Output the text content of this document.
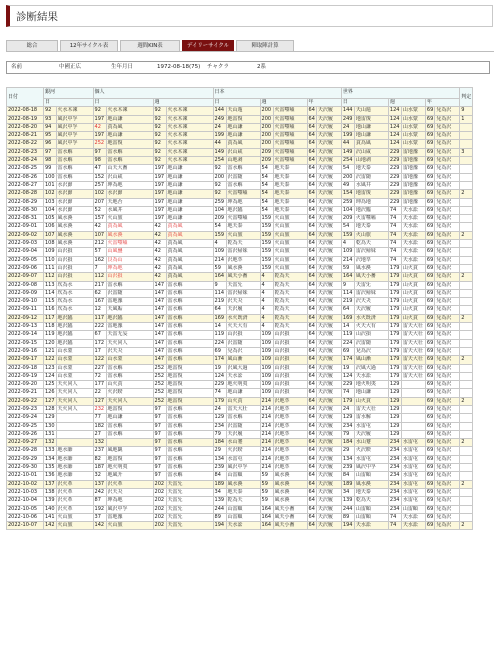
診断結果
総合	12年サイクル表	週間KIN表	デイリーサイクル	陣取陣計算
名前	中國正広	生年月日	1972-08-18(75) チャクラ	2系
日付	銀河		個人				日本						世界						判定
	日		日		週		日		週		年		日		週		年		
2022-08-18	92	火水木凍	92	火水木凍	92	火水木凍	144	天山遁	200	火雷噬嗑	64	天沢履	144	天山遁	124	山水蒙	69	兌為沢	9
2022-08-19	93	風沢中孚	197	地山謙	92	火水木凍	249	地雷復	200	火雷噬嗑	64	天沢履	249	地雷復	124	山水蒙	69	兌為沢	1
2022-08-20	94	風沢中孚	42	賁為風	92	火水木凍	24	地山謙	200	火雷噬嗑	64	天沢履	24	地山謙	124	山水蒙	69	兌為沢	
2022-08-21	95	風沢中孚	197	地山謙	92	火水木凍	199	地山謙	200	火雷噬嗑	64	天沢履	199	地山謙	124	山水蒙	69	兌為沢	
2022-08-22	96	風沢中孚	252	地雷復	92	火水木凍	44	賁為風	200	火雷噬嗑	64	天沢履	44	賁為風	124	山水蒙	69	兌為沢	
2022-08-23	97	雷水解	97	雷水解	92	火水木凍	149	沢山咸	209	火雷噬嗑	64	天沢履	149	沢山咸	229	雷地豫	69	兌為沢	3
2022-08-24	98	雷水解	98	雷水解	92	火水木凍	254	山地剥	209	火雷噬嗑	64	天沢履	254	山地剥	229	雷地豫	69	兌為沢	
2022-08-25	99	雷水解	47	山天大畜	197	地山謙	92	雷水解	54	地天泰	64	天沢履	54	地天泰	229	雷地豫	69	兌為沢	
2022-08-26	100	雷水解	152	沢山咸	197	地山謙	200	沢雷随	54	地天泰	64	天沢履	200	沢雷随	229	雷地豫	69	兌為沢	
2022-08-27	101	水沢節	257	坤為地	197	地山謙	92	雷水解	54	地天泰	64	天沢履	49	水風井	229	雷地豫	69	兌為沢	
2022-08-28	102	水沢節	102	水沢節	197	地山謙	92	火雷噬嗑	54	地天泰	64	天沢履	154	地雷復	229	雷地豫	69	兌為沢	2
2022-08-29	103	水沢節	207	天地否	197	地山謙	259	坤為地	54	地天泰	64	天沢履	259	坤為地	229	雷地豫	69	兌為沢	
2022-08-30	104	水沢節	52	水風井	197	地山謙	104	地沢臨	54	地天泰	64	天沢履	104	地沢臨	74	天水訟	69	兌為沢	
2022-08-31	105	風水渙	157	火山旅	197	地山謙	209	火雷噬嗑	159	火山旅	64	天沢履	209	火雷噬嗑	74	天水訟	69	兌為沢	
2022-09-01	106	風水渙	42	賁為風	42	賁為風	54	地天泰	159	火山旅	64	天沢履	54	地天泰	74	天水訟	69	兌為沢	
2022-09-02	107	風水渙	107	風水渙	42	賁為風	159	火山旅	159	火山旅	64	天沢履	159	火山旅	74	天水訟	69	兌為沢	2
2022-09-03	108	風水渙	212	火雷噬嗑	42	賁為風	4	乾為天	159	火山旅	64	天沢履	4	乾為天	74	天水訟	69	兌為沢	
2022-09-04	109	山沢損	57	山風蠱	42	賁為風	109	雷沢帰妹	159	火山旅	64	天沢履	109	雷沢帰妹	74	天水訟	69	兌為沢	
2022-09-05	110	山沢損	162	艮為山	42	賁為風	214	沢地萃	159	火山旅	64	天沢履	214	沢地萃	74	天水訟	69	兌為沢	
2022-09-06	111	山沢損	7	坤為地	42	賁為風	59	風水渙	159	火山旅	64	天沢履	59	風水渙	179	山火賁	69	兌為沢	
2022-09-07	112	山沢損	112	山沢損	42	賁為風	164	風天小畜	4	乾為天	64	天沢履	164	風天小畜	179	山火賁	69	兌為沢	2
2022-09-08	113	坎為水	217	雷水解	147	雷水解	9	天雷旡	4	乾為天	64	天沢履	9	天雷旡	179	山火賁	69	兌為沢	
2022-09-09	114	坎為水	62	沢雷随	147	雷水解	114	雷沢帰妹	4	乾為天	64	天沢履	114	雷沢帰妹	179	山火賁	69	兌為沢	
2022-09-10	115	坎為水	167	雷地豫	147	雷水解	219	沢天夬	4	乾為天	64	天沢履	219	沢天夬	179	山火賁	69	兌為沢	
2022-09-11	116	坎為水	12	天風姤	147	雷水解	64	天沢履	4	乾為天	64	天沢履	64	天沢履	179	山火賁	69	兌為沢	
2022-09-12	117	地沢臨	117	地沢臨	147	雷水解	169	水火既済	4	乾為天	64	天沢履	169	水火既済	179	山火賁	69	兌為沢	2
2022-09-13	118	地沢臨	222	雷地豫	147	雷水解	14	火天大有	4	乾為天	64	天沢履	14	火天大有	179	雷天大壮	69	兌為沢	
2022-09-14	119	地沢臨	67	天雷无妄	147	雷水解	119	山沢損	109	山沢損	64	天沢履	119	山沢損	179	雷天大壮	69	兌為沢	
2022-09-15	120	地沢臨	172	天火同人	147	雷水解	224	沢雷随	109	山沢損	64	天沢履	224	沢雷随	179	雷天大壮	69	兌為沢	
2022-09-16	121	山水蒙	17	沢天夬	147	雷水解	69	兌為沢	109	山沢損	64	天沢履	69	兌為沢	179	雷天大壮	69	兌為沢	
2022-09-17	122	山水蒙	122	山水蒙	147	雷水解	174	風山漸	109	山沢損	64	天沢履	174	風山漸	179	雷天大壮	69	兌為沢	2
2022-09-18	123	山水蒙	227	雷水解	252	地雷復	19	沢風大過	109	山沢損	64	天沢履	19	沢風大過	179	雷天大壮	69	兌為沢	
2022-09-19	124	山水蒙	72	雷水解	252	地雷復	124	天水訟	109	山沢損	64	天沢履	124	天水訟	179	雷天大壮	69	兌為沢	
2022-09-20	125	天火同人	177	山火賁	252	地雷復	229	地火明夷	109	山沢損	64	天沢履	229	地火明夷	129		69	兌為沢	
2022-09-21	126	天火同人	22	火沢睽	252	地雷復	74	地山謙	109	山沢損	64	天沢履	74	地山謙	129		69	兌為沢	
2022-09-22	127	天火同人	127	天火同人	252	地雷復	179	山火賁	214	沢地萃	64	天沢履	179	山火賁	129		69	兌為沢	2
2022-09-23	128	天火同人	232	地雷復	97	雷水解	24	雷天大壮	214	沢地萃	64	天沢履	24	雷天大壮	129		69	兌為沢	
2022-09-24	129		77	地山謙	97	雷水解	129	雷水解	214	沢地萃	64	天沢履	129	雷水解	129		69	兌為沢	
2022-09-25	130		182	雷水解	97	雷水解	234	沢雷随	214	沢地萃	64	天沢履	234	水雷屯	129		69	兌為沢	
2022-09-26	131		27	雷水解	97	雷水解	79	天沢履	214	沢地萃	64	天沢履	79	天沢履	129		69	兌為沢	
2022-09-27	132		132		97	雷水解	184	水山蹇	214	沢地萃	64	天沢履	184	水山蹇	234	水雷屯	69	兌為沢	2
2022-09-28	133	地水師	237	風地観	97	雷水解	29	火沢睽	214	沢地萃	64	天沢履	29	火沢睽	234	水雷屯	69	兌為沢	
2022-09-29	134	地水師	82	地雷復	97	雷水解	134	水雷屯	214	沢地萃	64	天沢履	134	水雷屯	234	水雷屯	69	兌為沢	
2022-09-30	135	地水師	187	地火明夷	97	雷水解	239	風沢中孚	214	沢地萃	64	天沢履	239	風沢中孚	234	水雷屯	69	兌為沢	
2022-10-01	136	地水師	32	地風升	97	雷水解	84	山雷頤	59	風水渙	64	天沢履	84	山雷頤	234	水雷屯	69	兌為沢	
2022-10-02	137	沢火革	137	沢火革	202	天雷旡	189	風水渙	59	風水渙	64	天沢履	189	風水渙	234	水雷屯	69	兌為沢	2
2022-10-03	138	沢火革	242	沢天夬	202	天雷旡	34	地天泰	59	風水渙	64	天沢履	34	地天泰	234	水雷屯	69	兌為沢	
2022-10-04	139	沢火革	87	坤為地	202	天雷旡	139	乾為天	59	風水渙	64	天沢履	139	乾為天	234	水雷屯	69	兌為沢	
2022-10-05	140	沢火革	192	風沢中孚	202	天雷旡	244	山雷頤	164	風天小畜	64	天沢履	244	山雷頤	234	山雷頤	69	兌為沢	
2022-10-06	141	火山旅	37	雷地豫	202	天雷旡	89	山雷頤	164	風天小畜	64	天沢履	89	山雷頤	74	天水訟	69	兌為沢	
2022-10-07	142	火山旅	142	火山旅	202	天雷旡	194	天水訟	164	風天小畜	64	天沢履	194	天水訟	74	天水訟	69	兌為沢	2
